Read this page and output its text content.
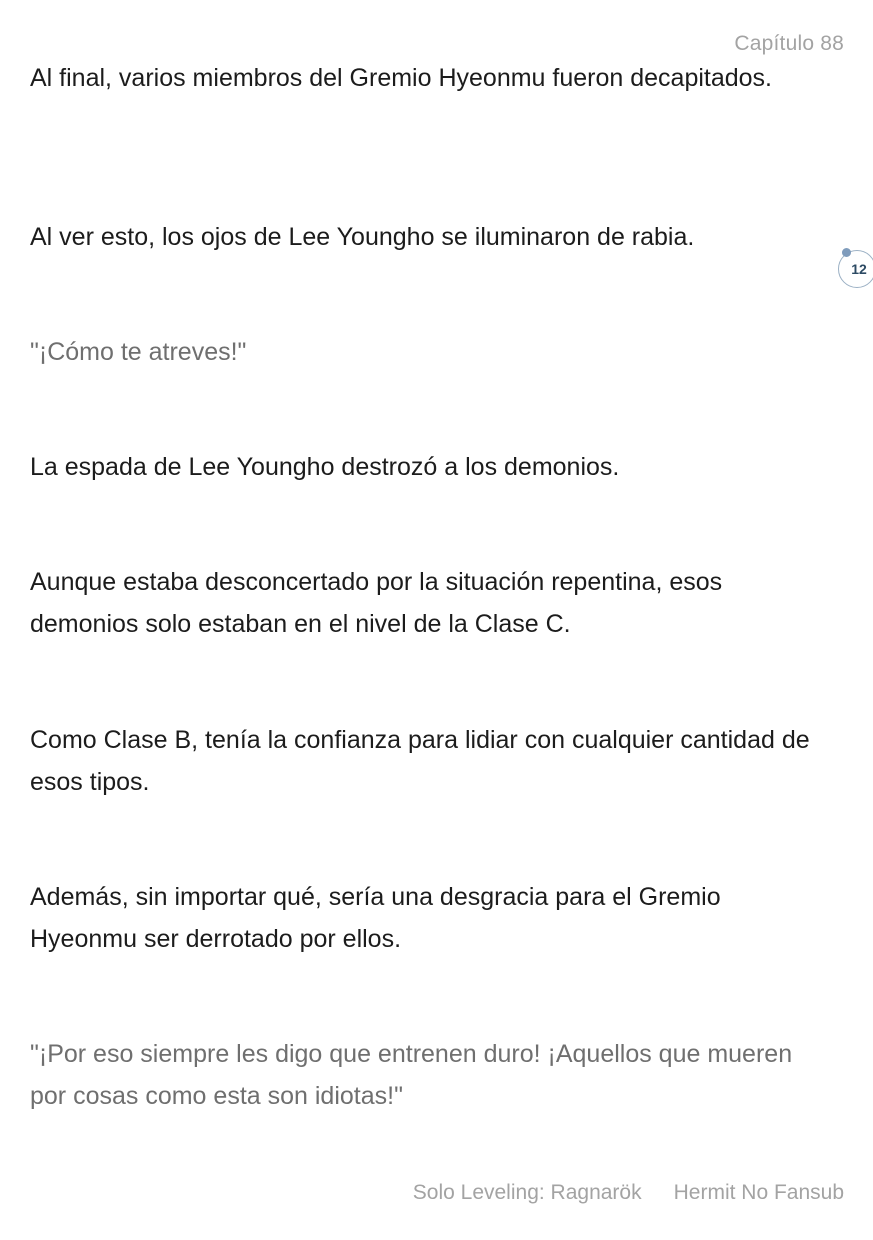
Capítulo 88

Al final, varios miembros del Gremio Hyeonmu fueron decapitados.

Al ver esto, los ojos de Lee Youngho se iluminaron de rabia.

"¡Cómo te atreves!"

La espada de Lee Youngho destrozó a los demonios.

Aunque estaba desconcertado por la situación repentina, esos demonios solo estaban en el nivel de la Clase C.

Como Clase B, tenía la confianza para lidiar con cualquier cantidad de esos tipos.

Además, sin importar qué, sería una desgracia para el Gremio Hyeonmu ser derrotado por ellos.

"¡Por eso siempre les digo que entrenen duro! ¡Aquellos que mueren por cosas como esta son idiotas!"

12
Solo Leveling: Ragnarök Hermit No Fansub
